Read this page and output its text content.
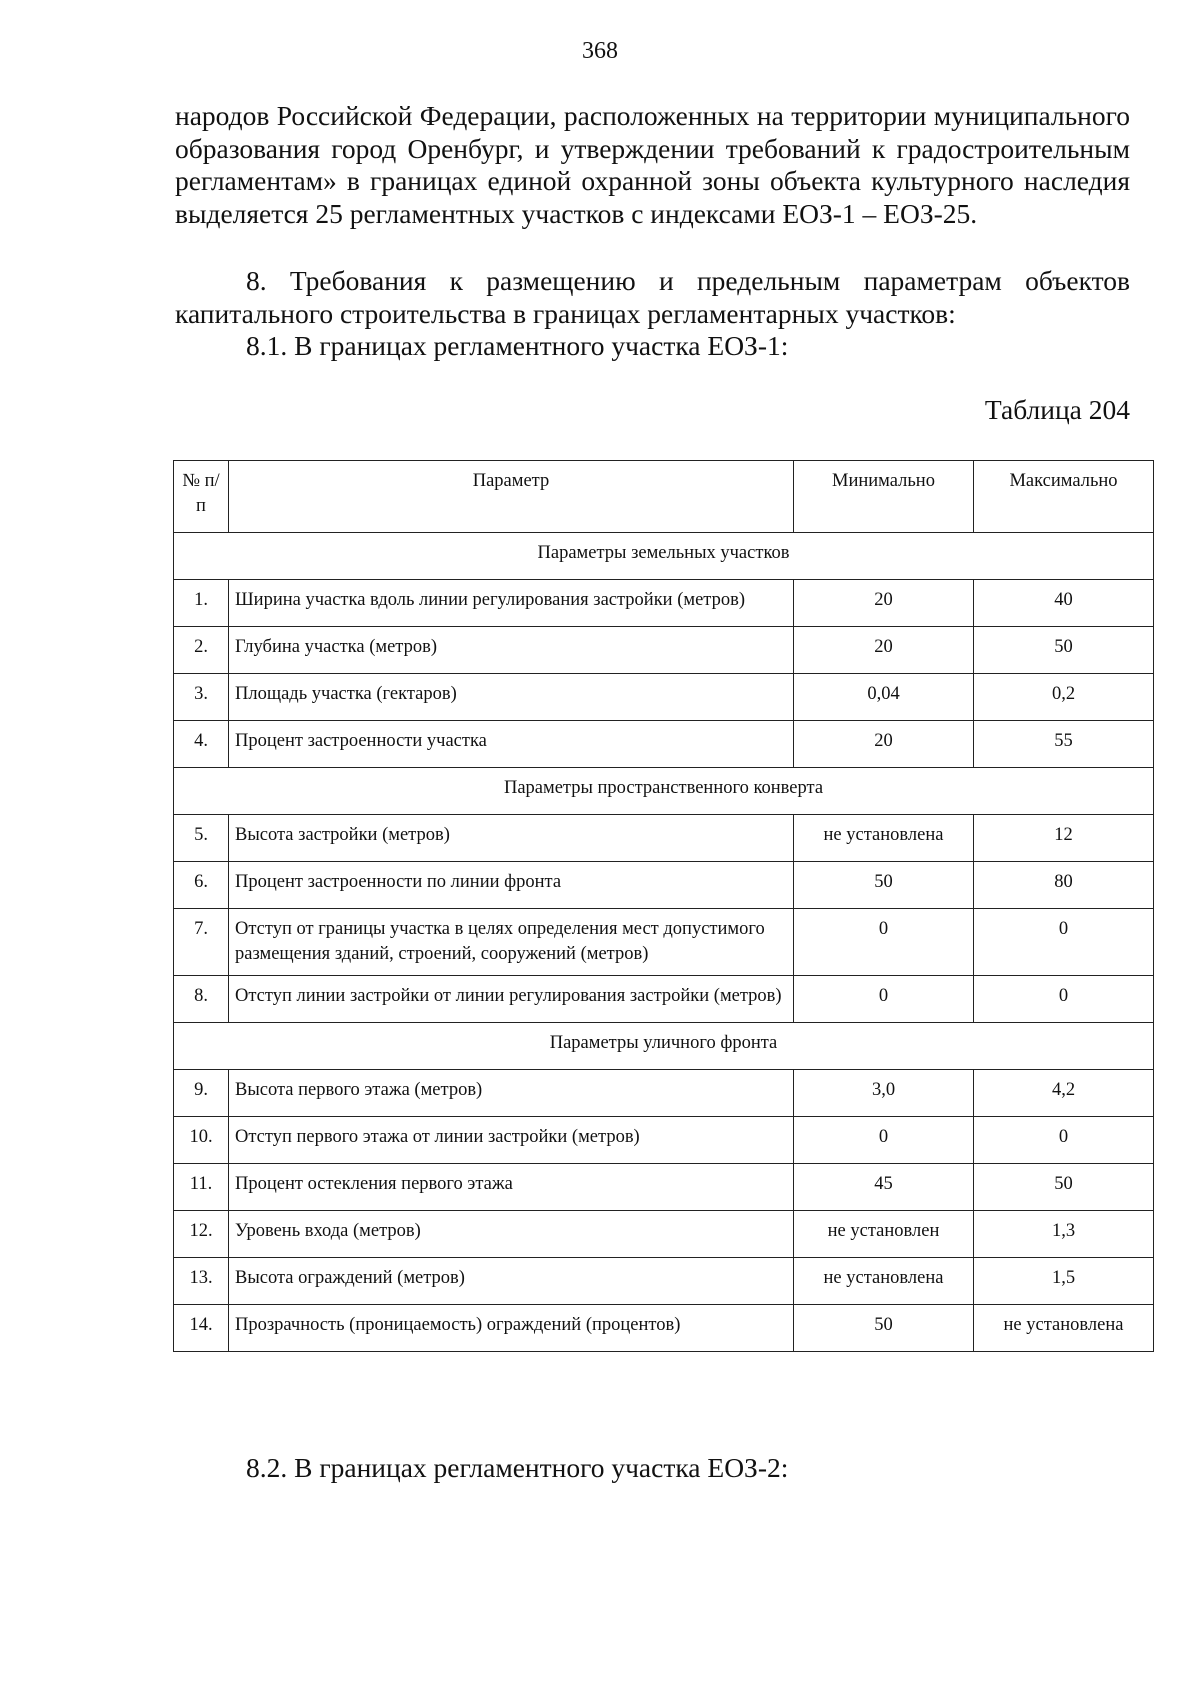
368
народов Российской Федерации, расположенных на территории муниципального образования город Оренбург, и утверждении требований к градостроительным регламентам» в границах единой охранной зоны объекта культурного наследия выделяется 25 регламентных участков с индексами ЕОЗ-1 – ЕОЗ-25.
8. Требования к размещению и предельным параметрам объектов капитального строительства в границах регламентарных участков:
8.1. В границах регламентного участка ЕОЗ-1:
Таблица 204
№ п/п	Параметр	Минимально	Максимально
Параметры земельных участков			
1.	Ширина участка вдоль линии регулирования застройки (метров)	20	40
2.	Глубина участка (метров)	20	50
3.	Площадь участка (гектаров)	0,04	0,2
4.	Процент застроенности участка	20	55
Параметры пространственного конверта			
5.	Высота застройки (метров)	не установлена	12
6.	Процент застроенности по линии фронта	50	80
7.	Отступ от границы участка в целях определения мест допустимого размещения зданий, строений, сооружений (метров)	0	0
8.	Отступ линии застройки от линии регулирования застройки (метров)	0	0
Параметры уличного фронта			
9.	Высота первого этажа (метров)	3,0	4,2
10.	Отступ первого этажа от линии застройки (метров)	0	0
11.	Процент остекления первого этажа	45	50
12.	Уровень входа (метров)	не установлен	1,3
13.	Высота ограждений (метров)	не установлена	1,5
14.	Прозрачность (проницаемость) ограждений (процентов)	50	не установлена
8.2. В границах регламентного участка ЕОЗ-2:
